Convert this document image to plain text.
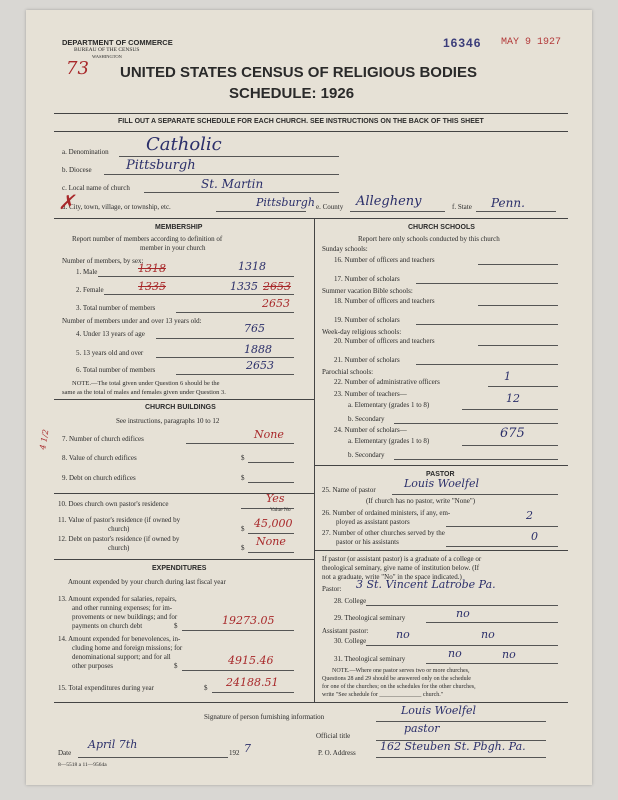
DEPARTMENT OF COMMERCE
BUREAU OF THE CENSUS
WASHINGTON
16346 MAY 9 1927
73 UNITED STATES CENSUS OF RELIGIOUS BODIES
SCHEDULE: 1926
FILL OUT A SEPARATE SCHEDULE FOR EACH CHURCH. SEE INSTRUCTIONS ON THE BACK OF THIS SHEET
a. Denomination Catholic
b. Diocese	Pittsburgh
c. Local name of church	St. Martin
d. City, town, village, or township, etc.	Pittsburgh e. County Allegheny	f. State Penn.
✗
MEMBERSHIP
Report number of members according to definition of
member in your church
Number of members, by sex:
1. Male	1318	1318
2. Female	1335	1335 2653
3. Total number of members	2653
Number of members under and over 13 years old:
4. Under 13 years of age	765
5. 13 years old and over	1888
6. Total number of members	2653
NOTE.—The total given under Question 6 should be the
same as the total of males and females given under Question 3.
CHURCH BUILDINGS
See instructions, paragraphs 10 to 12
4 1/2 7. Number of church edifices	None
8. Value of church edifices	$
9. Debt on church edifices	$
10. Does church own pastor's residence	Yes
Value No
11. Value of pastor's residence (if owned by
church)	$ 45,000
12. Debt on pastor's residence (if owned by
church)	$ None
EXPENDITURES
Amount expended by your church during last fiscal year
13. Amount expended for salaries, repairs,
and other running expenses; for im-
provements or new buildings; and for
payments on church debt	$	19273.05
14. Amount expended for benevolences, in-
cluding home and foreign missions; for
denominational support; and for all
other purposes	$	4915.46
15. Total expenditures during year	$ 24188.51
CHURCH SCHOOLS
Report here only schools conducted by this church
Sunday schools:
16. Number of officers and teachers
17. Number of scholars
Summer vacation Bible schools:
18. Number of officers and teachers
19. Number of scholars
Week-day religious schools:
20. Number of officers and teachers
21. Number of scholars
Parochial schools:
22. Number of administrative officers	1
23. Number of teachers—
a. Elementary (grades 1 to 8)	12
b. Secondary
24. Number of scholars—
a. Elementary (grades 1 to 8)	675
b. Secondary
PASTOR
25. Name of pastor	Louis Woelfel
(If church has no pastor, write "None")
26. Number of ordained ministers, if any, em-
ployed as assistant pastors	2
27. Number of other churches served by the
pastor or his assistants	0
If pastor (or assistant pastor) is a graduate of a college or
theological seminary, give name of institution below. (If
not a graduate, write "No" in the space indicated.)
Pastor: 3 St. Vincent Latrobe Pa.
28. College
29. Theological seminary	no
Assistant pastor:
30. College	no	no
31. Theological seminary	no	no
NOTE.—Where one pastor serves two or more churches,
Questions 28 and 29 should be answered only on the schedule
for one of the churches; on the schedules for the other churches,
write "See schedule for ______________ church."
Signature of person furnishing information	Louis Woelfel
Official title
pastor
Date
April 7th
192 7	P. O. Address 162 Steuben St. Pbgh. Pa.
8—5518 a 11—9564a
